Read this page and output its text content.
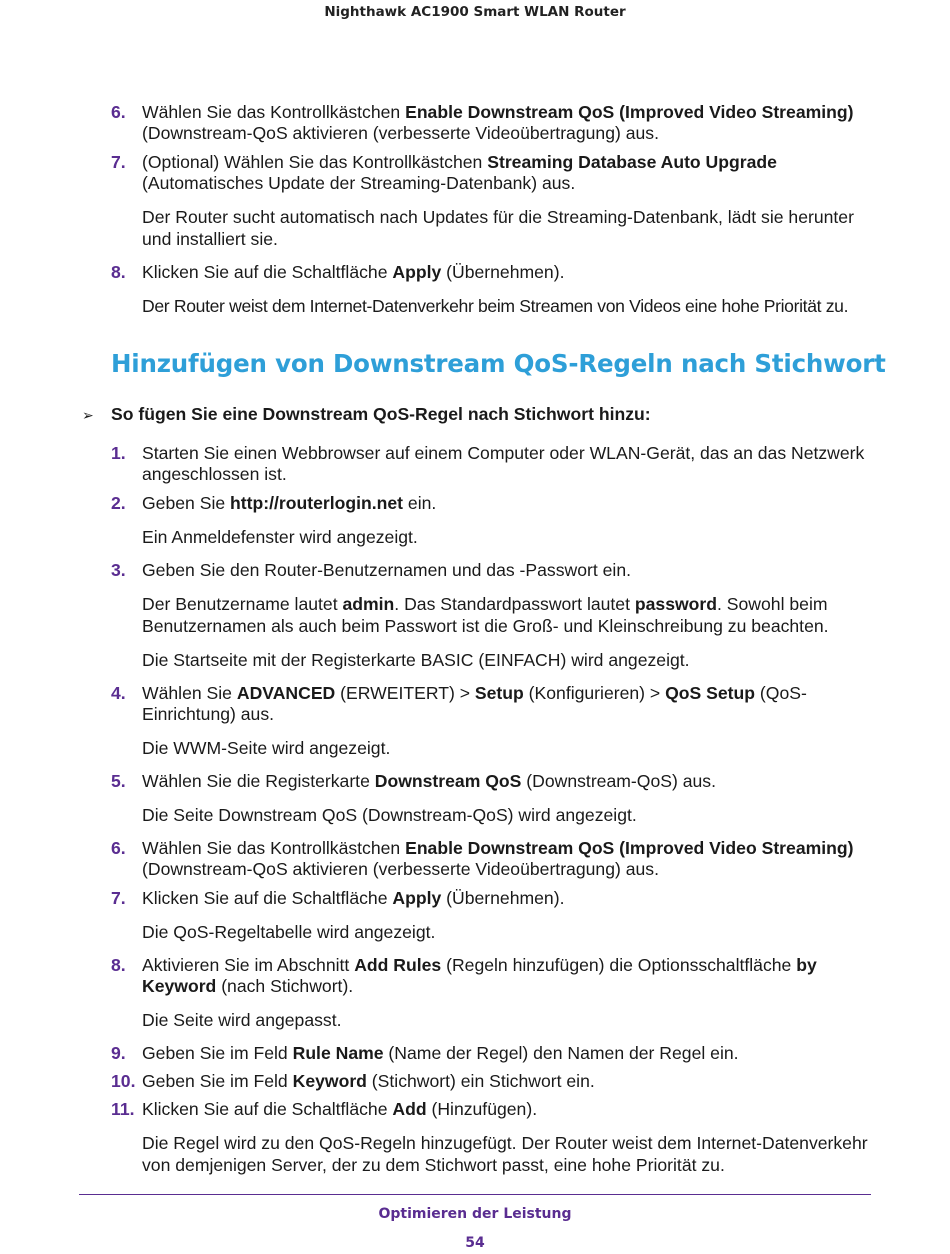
Nighthawk AC1900 Smart WLAN Router
6. Wählen Sie das Kontrollkästchen Enable Downstream QoS (Improved Video Streaming) (Downstream-QoS aktivieren (verbesserte Videoübertragung) aus.
7. (Optional) Wählen Sie das Kontrollkästchen Streaming Database Auto Upgrade (Automatisches Update der Streaming-Datenbank) aus.
Der Router sucht automatisch nach Updates für die Streaming-Datenbank, lädt sie herunter und installiert sie.
8. Klicken Sie auf die Schaltfläche Apply (Übernehmen).
Der Router weist dem Internet-Datenverkehr beim Streamen von Videos eine hohe Priorität zu.
Hinzufügen von Downstream QoS-Regeln nach Stichwort
➢ So fügen Sie eine Downstream QoS-Regel nach Stichwort hinzu:
1. Starten Sie einen Webbrowser auf einem Computer oder WLAN-Gerät, das an das Netzwerk angeschlossen ist.
2. Geben Sie http://routerlogin.net ein.
Ein Anmeldefenster wird angezeigt.
3. Geben Sie den Router-Benutzernamen und das -Passwort ein.
Der Benutzername lautet admin. Das Standardpasswort lautet password. Sowohl beim Benutzernamen als auch beim Passwort ist die Groß- und Kleinschreibung zu beachten.
Die Startseite mit der Registerkarte BASIC (EINFACH) wird angezeigt.
4. Wählen Sie ADVANCED (ERWEITERT) > Setup (Konfigurieren) > QoS Setup (QoS-Einrichtung) aus.
Die WWM-Seite wird angezeigt.
5. Wählen Sie die Registerkarte Downstream QoS (Downstream-QoS) aus.
Die Seite Downstream QoS (Downstream-QoS) wird angezeigt.
6. Wählen Sie das Kontrollkästchen Enable Downstream QoS (Improved Video Streaming) (Downstream-QoS aktivieren (verbesserte Videoübertragung) aus.
7. Klicken Sie auf die Schaltfläche Apply (Übernehmen).
Die QoS-Regeltabelle wird angezeigt.
8. Aktivieren Sie im Abschnitt Add Rules (Regeln hinzufügen) die Optionsschaltfläche by Keyword (nach Stichwort).
Die Seite wird angepasst.
9. Geben Sie im Feld Rule Name (Name der Regel) den Namen der Regel ein.
10. Geben Sie im Feld Keyword (Stichwort) ein Stichwort ein.
11. Klicken Sie auf die Schaltfläche Add (Hinzufügen).
Die Regel wird zu den QoS-Regeln hinzugefügt. Der Router weist dem Internet-Datenverkehr von demjenigen Server, der zu dem Stichwort passt, eine hohe Priorität zu.
Optimieren der Leistung
54
